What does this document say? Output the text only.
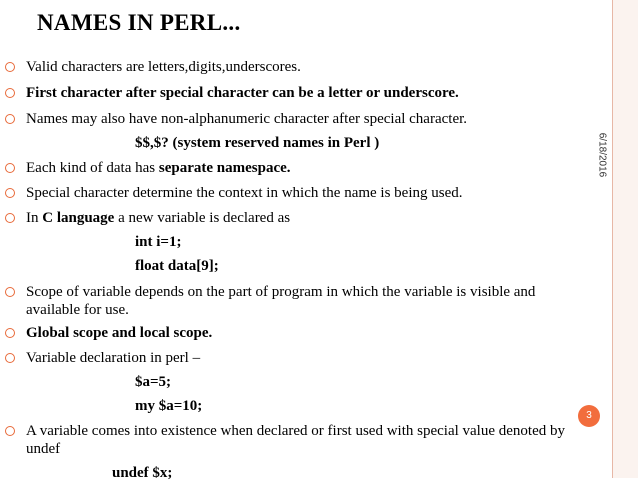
NAMES IN PERL...
6/18/2016
Valid characters are letters,digits,underscores.
First character after special character can be a letter or underscore.
Names may also have non-alphanumeric character after special character.
$$,$? (system reserved names in Perl )
Each kind of data has separate namespace.
Special character determine the context in which the name is being used.
In C language a new variable is declared as
int i=1;
float data[9];
Scope of variable depends on the part of program in which the variable is visible and
available for use.
Global scope and local scope.
Variable declaration in perl –
$a=5;
my $a=10;
3
A variable comes into existence when declared or first used with special value denoted by
undef
undef $x;
